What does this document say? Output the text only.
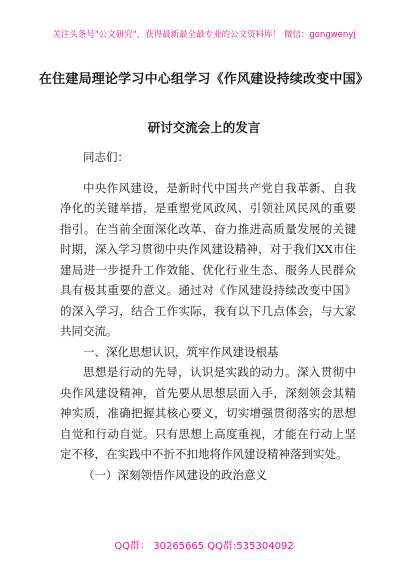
关注头条号"公文研究"，获得最新最全最专业的公文资料库！ 微信：gongwenyj
在住建局理论学习中心组学习《作风建设持续改变中国》
研讨交流会上的发言

同志们：

中央作风建设，是新时代中国共产党自我革新、自我净化的关键举措，是重塑党风政风、引领社风民风的重要指引。在当前全面深化改革、奋力推进高质量发展的关键时期，深入学习贯彻中央作风建设精神，对于我们XX市住建局进一步提升工作效能、优化行业生态、服务人民群众具有极其重要的意义。通过对《作风建设持续改变中国》的深入学习，结合工作实际，我有以下几点体会，与大家共同交流。

一、深化思想认识，筑牢作风建设根基

思想是行动的先导，认识是实践的动力。深入贯彻中央作风建设精神，首先要从思想层面入手，深刻领会其精神实质，准确把握其核心要义，切实增强贯彻落实的思想自觉和行动自觉。只有思想上高度重视，才能在行动上坚定不移，在实践中不折不扣地将作风建设精神落到实处。

（一）深刻领悟作风建设的政治意义

QQ群： 30265665 QQ群:535304092
